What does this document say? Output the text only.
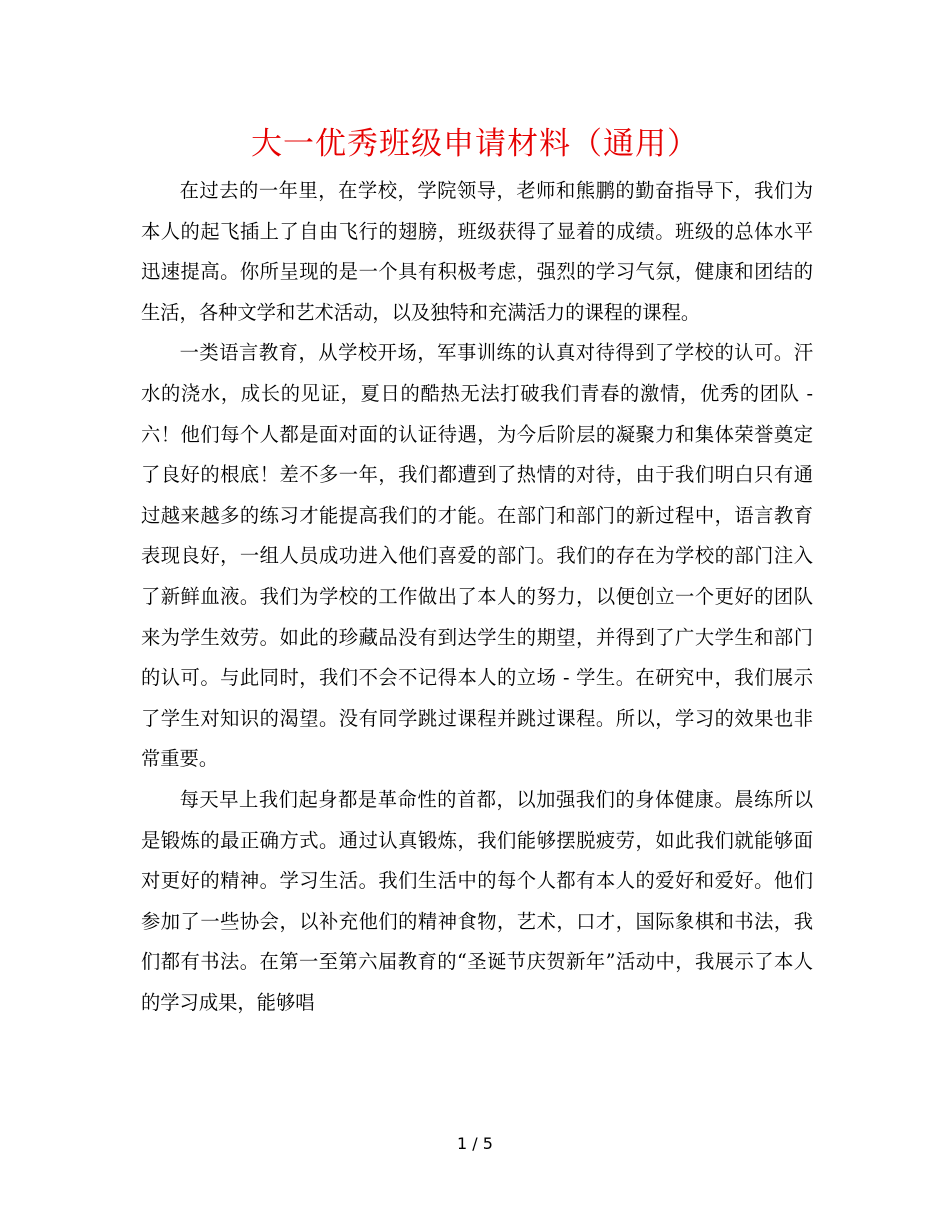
大一优秀班级申请材料（通用）

在过去的一年里，在学校，学院领导，老师和熊鹏的勤奋指导下，我们为本人的起飞插上了自由飞行的翅膀，班级获得了显着的成绩。班级的总体水平迅速提高。你所呈现的是一个具有积极考虑，强烈的学习气氛，健康和团结的生活，各种文学和艺术活动，以及独特和充满活力的课程的课程。

一类语言教育，从学校开场，军事训练的认真对待得到了学校的认可。汗水的浇水，成长的见证，夏日的酷热无法打破我们青春的激情，优秀的团队 - 六！他们每个人都是面对面的认证待遇，为今后阶层的凝聚力和集体荣誉奠定了良好的根底！差不多一年，我们都遭到了热情的对待，由于我们明白只有通过越来越多的练习才能提高我们的才能。在部门和部门的新过程中，语言教育表现良好，一组人员成功进入他们喜爱的部门。我们的存在为学校的部门注入了新鲜血液。我们为学校的工作做出了本人的努力，以便创立一个更好的团队来为学生效劳。如此的珍藏品没有到达学生的期望，并得到了广大学生和部门的认可。与此同时，我们不会不记得本人的立场 - 学生。在研究中，我们展示了学生对知识的渴望。没有同学跳过课程并跳过课程。所以，学习的效果也非常重要。

每天早上我们起身都是革命性的首都，以加强我们的身体健康。晨练所以是锻炼的最正确方式。通过认真锻炼，我们能够摆脱疲劳，如此我们就能够面对更好的精神。学习生活。我们生活中的每个人都有本人的爱好和爱好。他们参加了一些协会，以补充他们的精神食物，艺术，口才，国际象棋和书法，我们都有书法。在第一至第六届教育的“圣诞节庆贺新年”活动中，我展示了本人的学习成果，能够唱

1 / 5
